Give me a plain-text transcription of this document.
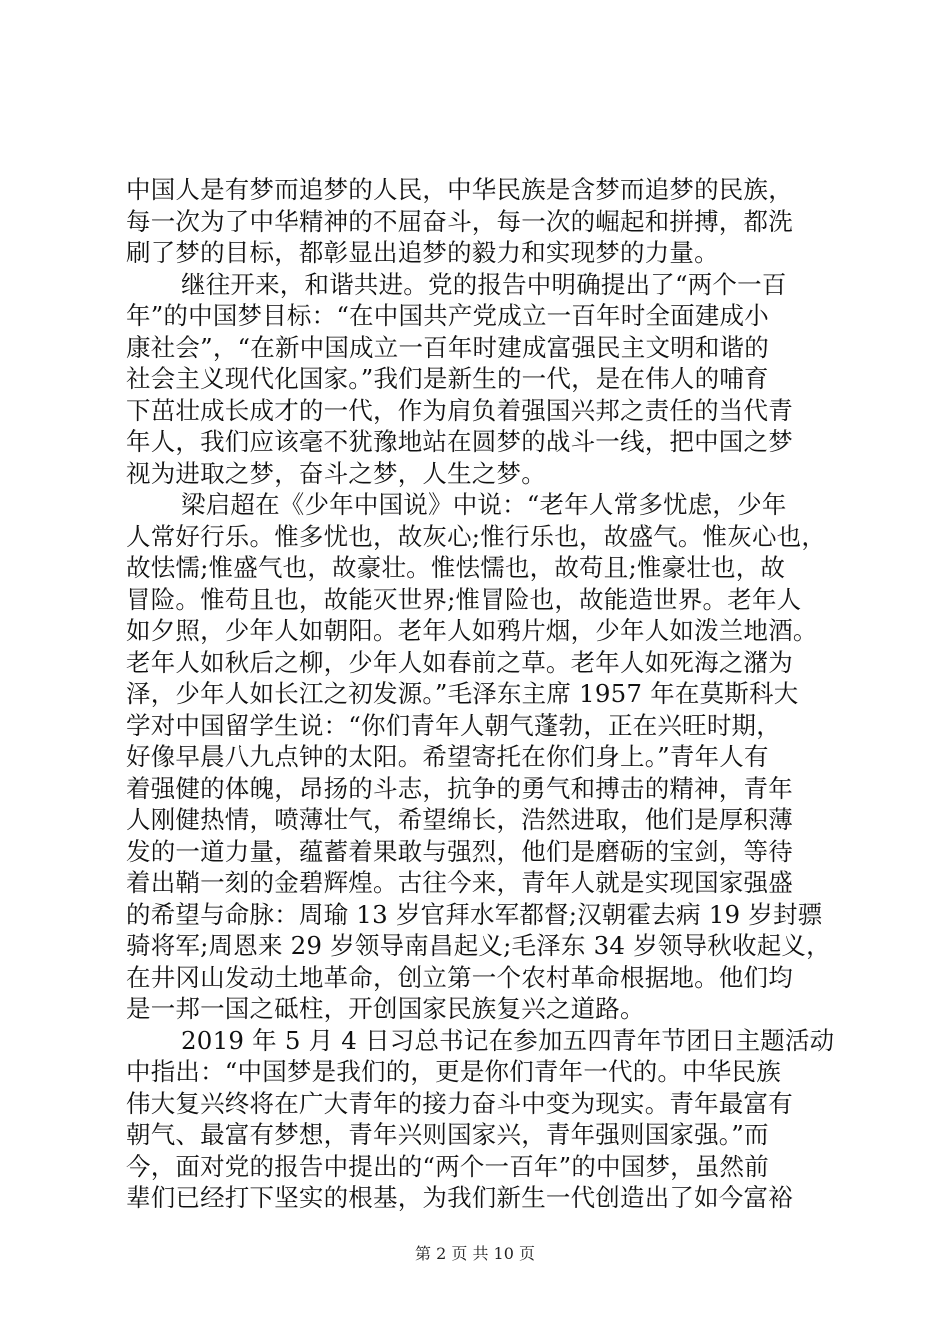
中国人是有梦而追梦的人民，中华民族是含梦而追梦的民族，
每一次为了中华精神的不屈奋斗，每一次的崛起和拼搏，都洗
刷了梦的目标，都彰显出追梦的毅力和实现梦的力量。
继往开来，和谐共进。党的报告中明确提出了“两个一百
年”的中国梦目标：“在中国共产党成立一百年时全面建成小
康社会”，“在新中国成立一百年时建成富强民主文明和谐的
社会主义现代化国家。”我们是新生的一代，是在伟人的哺育
下茁壮成长成才的一代，作为肩负着强国兴邦之责任的当代青
年人，我们应该毫不犹豫地站在圆梦的战斗一线，把中国之梦
视为进取之梦，奋斗之梦，人生之梦。
梁启超在《少年中国说》中说：“老年人常多忧虑，少年
人常好行乐。惟多忧也，故灰心;惟行乐也，故盛气。惟灰心也，
故怯懦;惟盛气也，故豪壮。惟怯懦也，故苟且;惟豪壮也，故
冒险。惟苟且也，故能灭世界;惟冒险也，故能造世界。老年人
如夕照，少年人如朝阳。老年人如鸦片烟，少年人如泼兰地酒。
老年人如秋后之柳，少年人如春前之草。老年人如死海之潴为
泽，少年人如长江之初发源。”毛泽东主席 1957 年在莫斯科大
学对中国留学生说：“你们青年人朝气蓬勃，正在兴旺时期，
好像早晨八九点钟的太阳。希望寄托在你们身上。”青年人有
着强健的体魄，昂扬的斗志，抗争的勇气和搏击的精神，青年
人刚健热情，喷薄壮气，希望绵长，浩然进取，他们是厚积薄
发的一道力量，蕴蓄着果敢与强烈，他们是磨砺的宝剑，等待
着出鞘一刻的金碧辉煌。古往今来，青年人就是实现国家强盛
的希望与命脉：周瑜 13 岁官拜水军都督;汉朝霍去病 19 岁封骠
骑将军;周恩来 29 岁领导南昌起义;毛泽东 34 岁领导秋收起义，
在井冈山发动土地革命，创立第一个农村革命根据地。他们均
是一邦一国之砥柱，开创国家民族复兴之道路。
2019 年 5 月 4 日习总书记在参加五四青年节团日主题活动
中指出：“中国梦是我们的，更是你们青年一代的。中华民族
伟大复兴终将在广大青年的接力奋斗中变为现实。青年最富有
朝气、最富有梦想，青年兴则国家兴，青年强则国家强。”而
今，面对党的报告中提出的“两个一百年”的中国梦，虽然前
辈们已经打下坚实的根基，为我们新生一代创造出了如今富裕
第 2 页 共 10 页
